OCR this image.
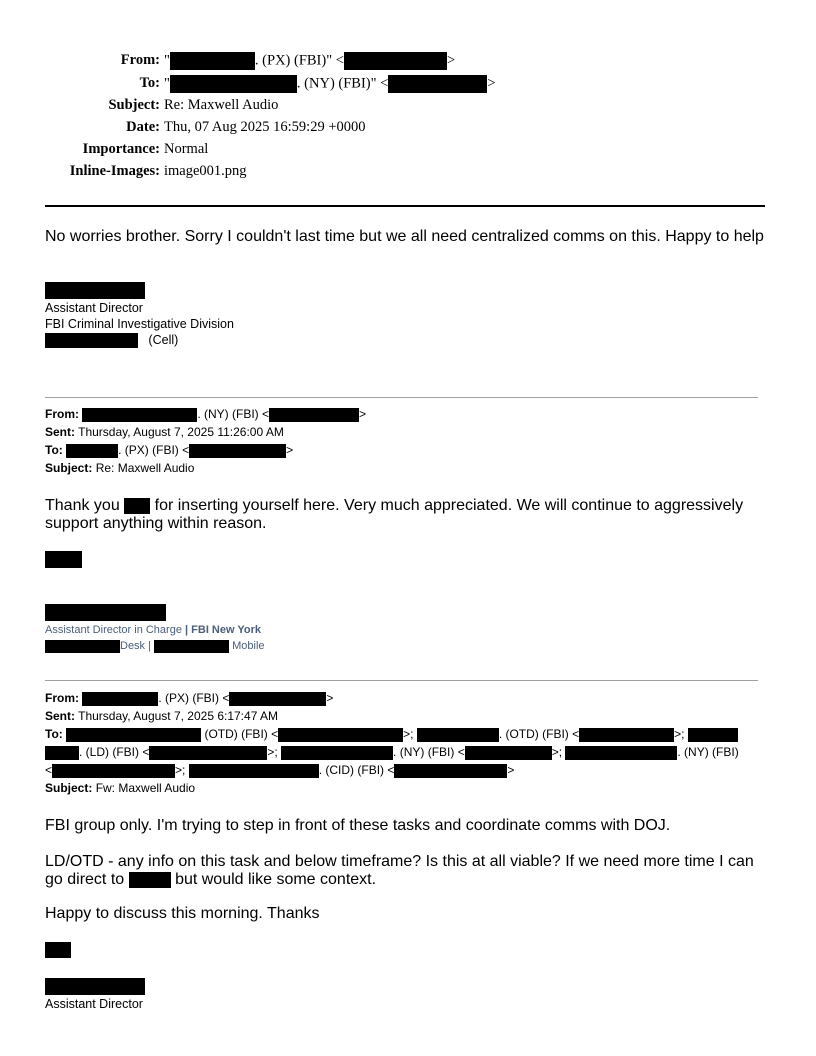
From: "	. (PX) (FBI)" <	>
To: "	. (NY) (FBI)" <	>
Subject: Re: Maxwell Audio
Date: Thu, 07 Aug 2025 16:59:29 +0000
Importance: Normal
Inline-Images: image001.png
No worries brother. Sorry I couldn't last time but we all need centralized comms on this. Happy to help
Assistant Director
FBI Criminal Investigative Division
(Cell)
From:	. (NY) (FBI) <	>
Sent: Thursday, August 7, 2025 11:26:00 AM
To:	. (PX) (FBI) <	>
Subject: Re: Maxwell Audio
Thank you for inserting yourself here. Very much appreciated. We will continue to aggressively support anything within reason.
Assistant Director in Charge | FBI New York
Desk |	Mobile
From:	. (PX) (FBI) <	>
Sent: Thursday, August 7, 2025 6:17:47 AM
To:	(OTD) (FBI) <	>;	. (OTD) (FBI) <	>;
. (LD) (FBI) <	>;	. (NY) (FBI) <	>;	. (NY) (FBI)
<	>;	. (CID) (FBI) <	>
Subject: Fw: Maxwell Audio
FBI group only. I'm trying to step in front of these tasks and coordinate comms with DOJ.
LD/OTD - any info on this task and below timeframe? Is this at all viable? If we need more time I can go direct to	but would like some context.
Happy to discuss this morning. Thanks
Assistant Director
